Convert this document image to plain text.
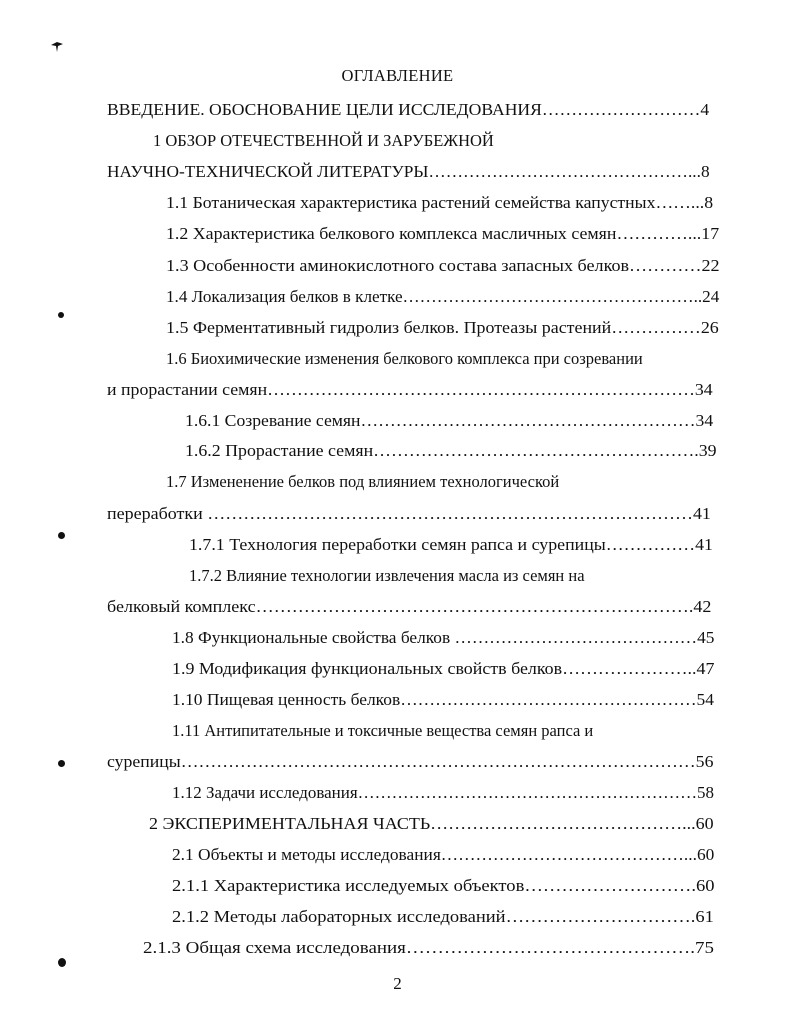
ОГЛАВЛЕНИЕ
ВВЕДЕНИЕ. ОБОСНОВАНИЕ ЦЕЛИ ИССЛЕДОВАНИЯ………………………4
1 ОБЗОР ОТЕЧЕСТВЕННОЙ И ЗАРУБЕЖНОЙ
НАУЧНО-ТЕХНИЧЕСКОЙ ЛИТЕРАТУРЫ………………………………………...8
1.1 Ботаническая характеристика растений семейства капустных……...8
1.2 Характеристика белкового комплекса масличных семян…………...17
1.3 Особенности аминокислотного состава запасных белков…………22
1.4 Локализация белков в клетке……………………………………………..24
1.5 Ферментативный гидролиз белков. Протеазы растений……………26
1.6 Биохимические изменения белкового комплекса при созревании
и прорастании семян………………………………………………………………34
1.6.1 Созревание семян…………………………………………………34
1.6.2 Прорастание семян……………………………………………….39
1.7 Измененение белков под влиянием технологической
переработки ………………………………………………………………………41
1.7.1 Технология переработки семян рапса и сурепицы……………41
1.7.2 Влияние технологии извлечения масла из семян на
белковый комплекс……………………………………………………………….42
1.8 Функциональные свойства белков ……………………………………45
1.9 Модификация функциональных свойств белков…………………..47
1.10 Пищевая ценность белков……………………………………………54
1.11 Антипитательные и токсичные вещества семян рапса и
сурепицы……………………………………………………………………………56
1.12 Задачи исследования……………………………………………………58
2 ЭКСПЕРИМЕНТАЛЬНАЯ ЧАСТЬ……………………………………...60
2.1 Объекты и методы исследования……………………………………...60
2.1.1 Характеристика исследуемых объектов……………………….60
2.1.2 Методы лабораторных исследований………………………….61
2.1.3 Общая схема исследования……………………………………….75
2
